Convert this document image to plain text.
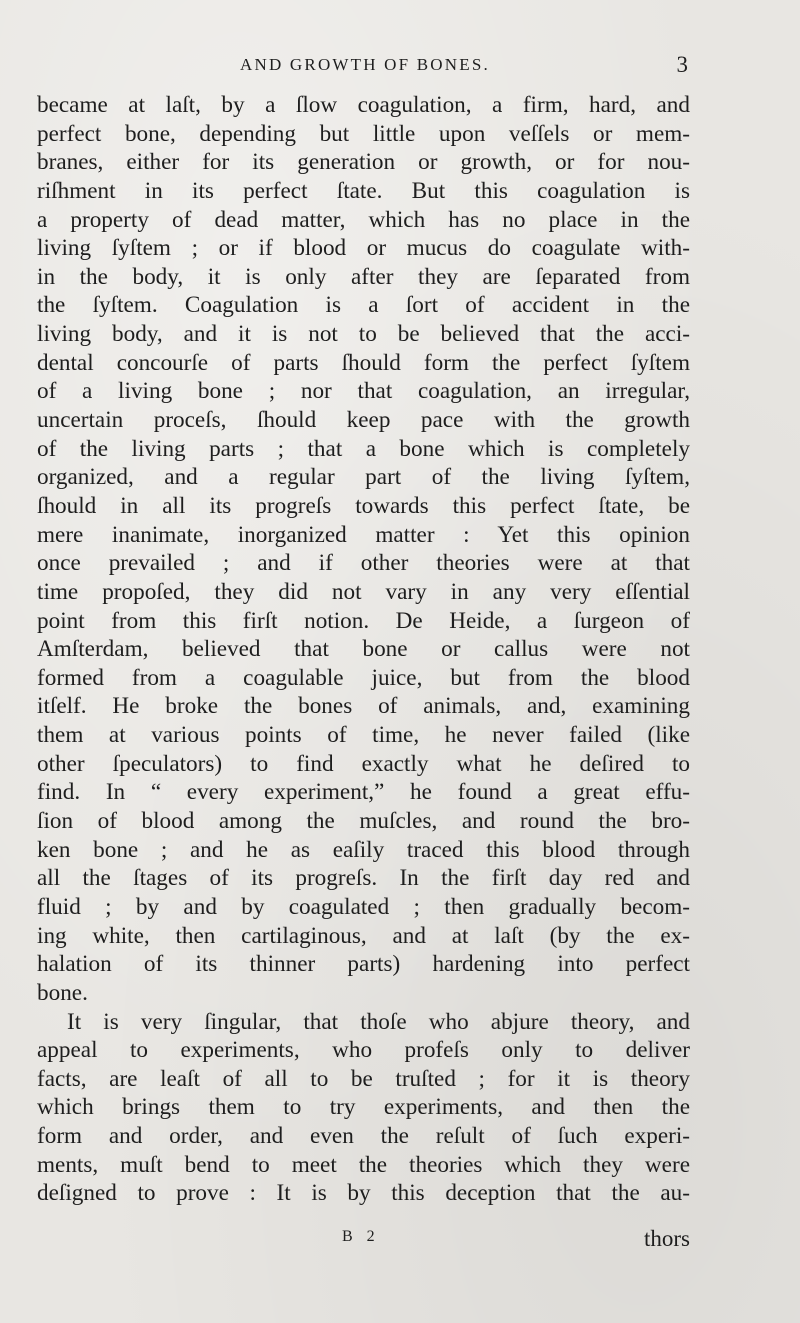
AND GROWTH OF BONES.	3
became at laſt, by a ſlow coagulation, a firm, hard, and
perfect bone, depending but little upon veſſels or mem-
branes, either for its generation or growth, or for nou-
riſhment in its perfect ſtate. But this coagulation is
a property of dead matter, which has no place in the
living ſyſtem ; or if blood or mucus do coagulate with-
in the body, it is only after they are ſeparated from
the ſyſtem. Coagulation is a ſort of accident in the
living body, and it is not to be believed that the acci-
dental concourſe of parts ſhould form the perfect ſyſtem
of a living bone ; nor that coagulation, an irregular,
uncertain proceſs, ſhould keep pace with the growth
of the living parts ; that a bone which is completely
organized, and a regular part of the living ſyſtem,
ſhould in all its progreſs towards this perfect ſtate, be
mere inanimate, inorganized matter : Yet this opinion
once prevailed ; and if other theories were at that
time propoſed, they did not vary in any very eſſential
point from this firſt notion. De Heide, a ſurgeon of
Amſterdam, believed that bone or callus were not
formed from a coagulable juice, but from the blood
itſelf. He broke the bones of animals, and, examining
them at various points of time, he never failed (like
other ſpeculators) to find exactly what he deſired to
find. In “ every experiment,” he found a great effu-
ſion of blood among the muſcles, and round the bro-
ken bone ; and he as eaſily traced this blood through
all the ſtages of its progreſs. In the firſt day red and
fluid ; by and by coagulated ; then gradually becom-
ing white, then cartilaginous, and at laſt (by the ex-
halation of its thinner parts) hardening into perfect
bone.
It is very ſingular, that thoſe who abjure theory, and
appeal to experiments, who profeſs only to deliver
facts, are leaſt of all to be truſted ; for it is theory
which brings them to try experiments, and then the
form and order, and even the reſult of ſuch experi-
ments, muſt bend to meet the theories which they were
deſigned to prove : It is by this deception that the au-
B 2	thors
